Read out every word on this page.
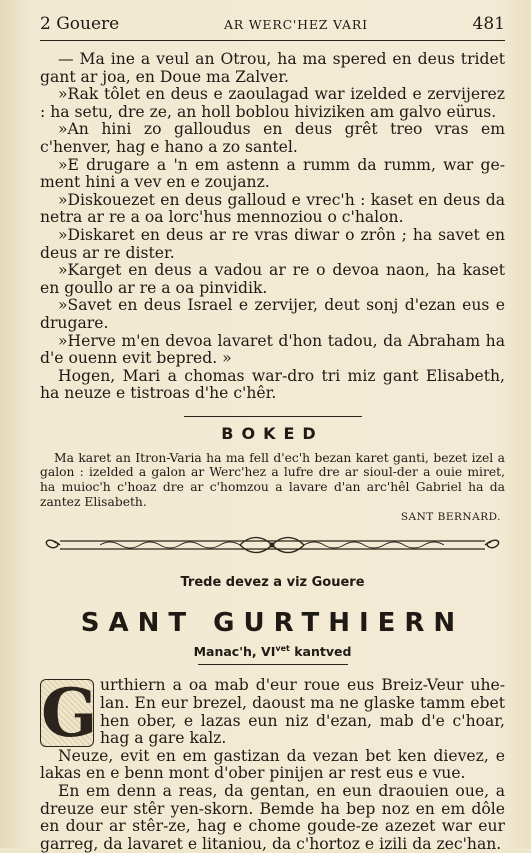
2 Gouere	AR WERC'HEZ VARI	481

— Ma ine a veul an Otrou, ha ma spered en deus tridet gant ar joa, en Doue ma Zalver.

»Rak tôlet en deus e zaoulagad war izelded e zervijerez : ha setu, dre ze, an holl boblou hiviziken am galvo eürus.

»An hini zo galloudus en deus grêt treo vras em c'henver, hag e hano a zo santel.

»E drugare a 'n em astenn a rumm da rumm, war ge-ment hini a vev en e zoujanz.

»Diskouezet en deus galloud e vrec'h : kaset en deus da netra ar re a oa lorc'hus mennoziou o c'halon.

»Diskaret en deus ar re vras diwar o zrôn ; ha savet en deus ar re dister.

»Karget en deus a vadou ar re o devoa naon, ha kaset en goullo ar re a oa pinvidik.

»Savet en deus Israel e zervijer, deut sonj d'ezan eus e drugare.

»Herve m'en devoa lavaret d'hon tadou, da Abraham ha d'e ouenn evit bepred. »

Hogen, Mari a chomas war-dro tri miz gant Elisabeth, ha neuze e tistroas d'he c'hêr.

BOKED

Ma karet an Itron-Varia ha ma fell d'ec'h bezan karet ganti, bezet izel a galon : izelded a galon ar Werc'hez a lufre dre ar sioul-der a ouie miret, ha muioc'h c'hoaz dre ar c'homzou a lavare d'an arc'hêl Gabriel ha da zantez Elisabeth.

SANT BERNARD.
Trede devez a viz Gouere
SANT GURTHIERN
Manac'h, $VI^{vet}$ kantved

G urthiern a oa mab d'eur roue eus Breiz-Veur uhe-lan. En eur brezel, daoust ma ne glaske tamm ebet hen ober, e lazas eun niz d'ezan, mab d'e c'hoar, hag a gare kalz.

Neuze, evit en em gastizan da vezan bet ken dievez, e lakas en e benn mont d'ober pinijen ar rest eus e vue.

En em denn a reas, da gentan, en eun draouien oue, a dreuze eur stêr yen-skorn. Bemde ha bep noz en em dôle en dour ar stêr-ze, hag e chome goude-ze azezet war eur garreg, da lavaret e litaniou, da c'hortoz e izili da zec'han.
